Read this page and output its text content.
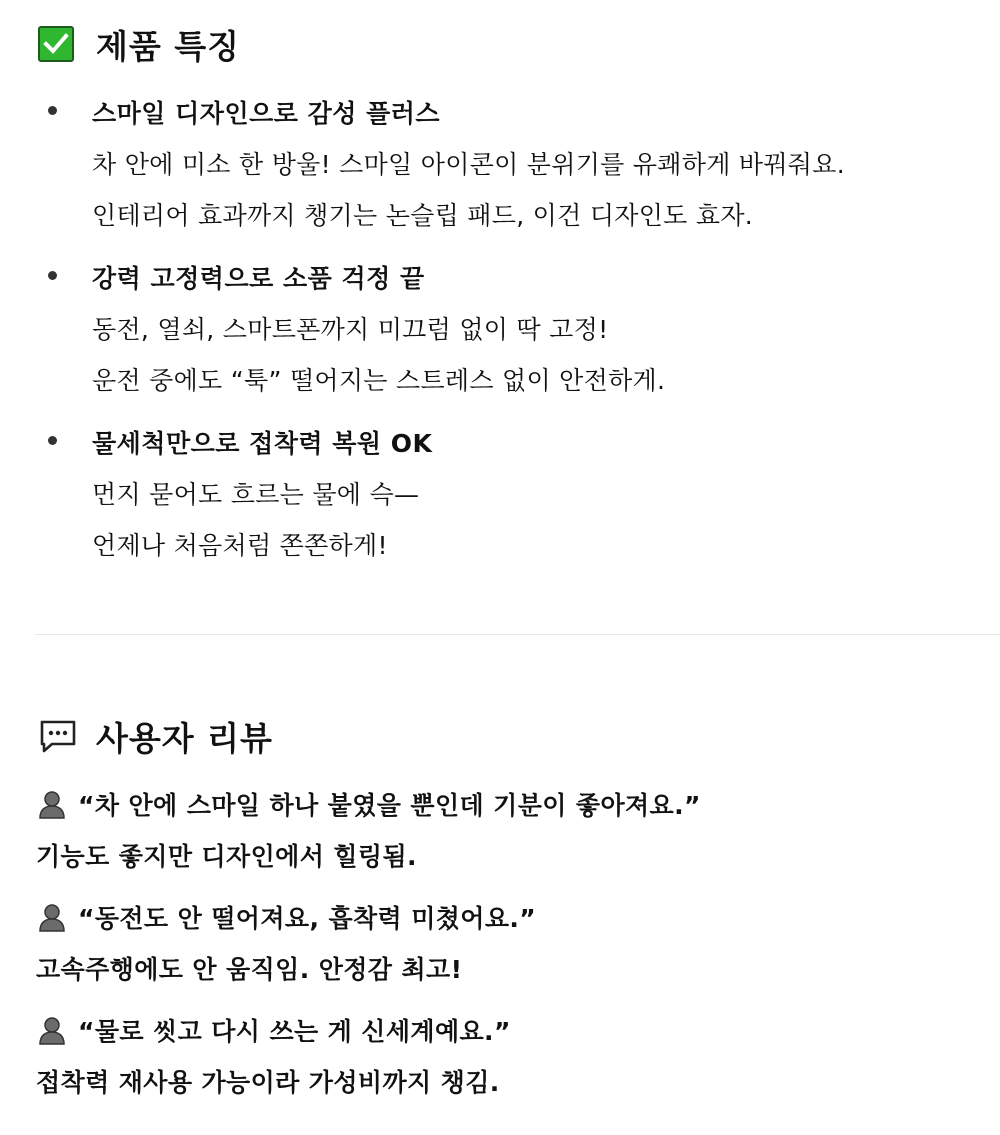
제품 특징
스마일 디자인으로 감성 플러스
차 안에 미소 한 방울! 스마일 아이콘이 분위기를 유쾌하게 바꿔줘요.
인테리어 효과까지 챙기는 논슬립 패드, 이건 디자인도 효자.
강력 고정력으로 소품 걱정 끝
동전, 열쇠, 스마트폰까지 미끄럼 없이 딱 고정!
운전 중에도 “툭” 떨어지는 스트레스 없이 안전하게.
물세척만으로 접착력 복원 OK
먼지 묻어도 흐르는 물에 슥—
언제나 처음처럼 쫀쫀하게!
사용자 리뷰
“차 안에 스마일 하나 붙였을 뿐인데 기분이 좋아져요.”
기능도 좋지만 디자인에서 힐링됨.
“동전도 안 떨어져요, 흡착력 미쳤어요.”
고속주행에도 안 움직임. 안정감 최고!
“물로 씻고 다시 쓰는 게 신세계예요.”
접착력 재사용 가능이라 가성비까지 챙김.
